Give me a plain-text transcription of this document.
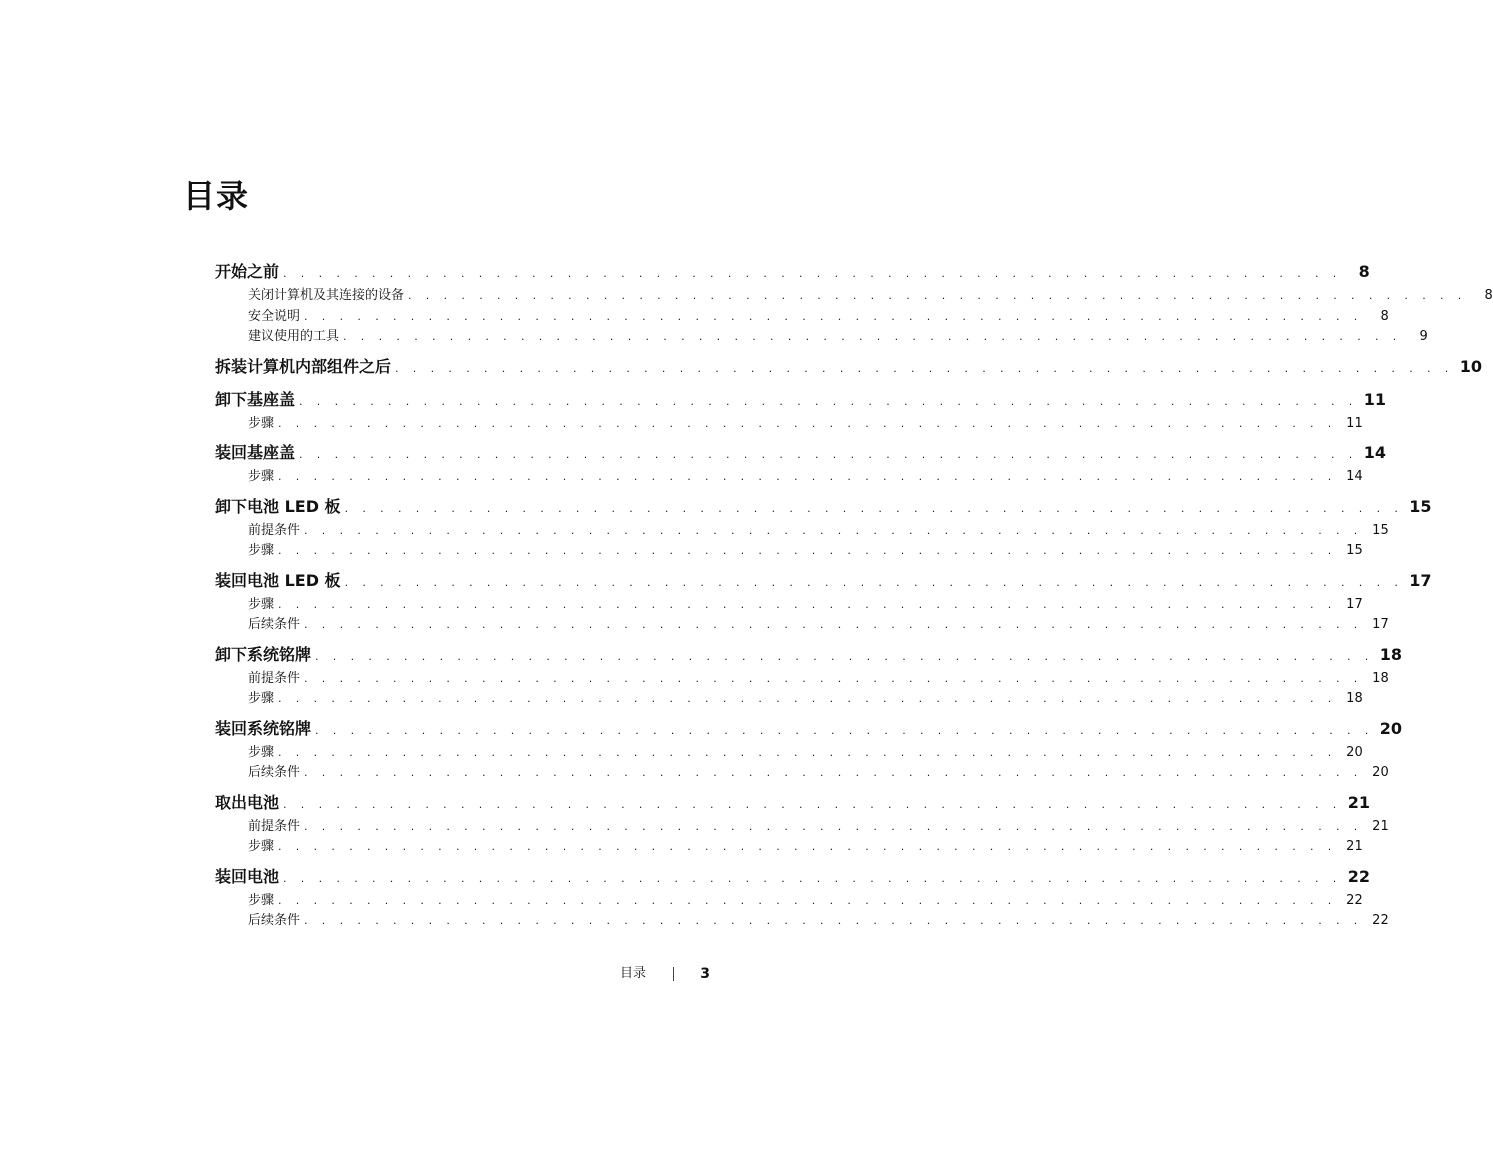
目录
开始之前 . . . . . . . . . . . . . . . . . . . . . . . . . . . . . . . . . . . . . . . . . . . . . . . . . . . . . . . . . . . .	8
关闭计算机及其连接的设备 . . . . . . . . . . . . . . . . . . . . . . . . . . . . . . . . . . . . . . . . . . . . . . . . . . . . . . . . . . . .	8
安全说明 . . . . . . . . . . . . . . . . . . . . . . . . . . . . . . . . . . . . . . . . . . . . . . . . . . . . . . . . . . . .	8
建议使用的工具 . . . . . . . . . . . . . . . . . . . . . . . . . . . . . . . . . . . . . . . . . . . . . . . . . . . . . . . . . . . .	9
拆装计算机内部组件之后 . . . . . . . . . . . . . . . . . . . . . . . . . . . . . . . . . . . . . . . . . . . . . . . . . . . . . . . . . . . . 10
卸下基座盖 . . . . . . . . . . . . . . . . . . . . . . . . . . . . . . . . . . . . . . . . . . . . . . . . . . . . . . . . . . . . 11
步骤 . . . . . . . . . . . . . . . . . . . . . . . . . . . . . . . . . . . . . . . . . . . . . . . . . . . . . . . . . . . . 11
装回基座盖 . . . . . . . . . . . . . . . . . . . . . . . . . . . . . . . . . . . . . . . . . . . . . . . . . . . . . . . . . . . . 14
步骤 . . . . . . . . . . . . . . . . . . . . . . . . . . . . . . . . . . . . . . . . . . . . . . . . . . . . . . . . . . . . 14
卸下电池 LED 板 . . . . . . . . . . . . . . . . . . . . . . . . . . . . . . . . . . . . . . . . . . . . . . . . . . . . . . . . . . . . 15
前提条件 . . . . . . . . . . . . . . . . . . . . . . . . . . . . . . . . . . . . . . . . . . . . . . . . . . . . . . . . . . . . 15
步骤 . . . . . . . . . . . . . . . . . . . . . . . . . . . . . . . . . . . . . . . . . . . . . . . . . . . . . . . . . . . . 15
装回电池 LED 板 . . . . . . . . . . . . . . . . . . . . . . . . . . . . . . . . . . . . . . . . . . . . . . . . . . . . . . . . . . . . 17
步骤 . . . . . . . . . . . . . . . . . . . . . . . . . . . . . . . . . . . . . . . . . . . . . . . . . . . . . . . . . . . . 17
后续条件 . . . . . . . . . . . . . . . . . . . . . . . . . . . . . . . . . . . . . . . . . . . . . . . . . . . . . . . . . . . . 17
卸下系统铭牌 . . . . . . . . . . . . . . . . . . . . . . . . . . . . . . . . . . . . . . . . . . . . . . . . . . . . . . . . . . . . 18
前提条件 . . . . . . . . . . . . . . . . . . . . . . . . . . . . . . . . . . . . . . . . . . . . . . . . . . . . . . . . . . . . 18
步骤 . . . . . . . . . . . . . . . . . . . . . . . . . . . . . . . . . . . . . . . . . . . . . . . . . . . . . . . . . . . . 18
装回系统铭牌 . . . . . . . . . . . . . . . . . . . . . . . . . . . . . . . . . . . . . . . . . . . . . . . . . . . . . . . . . . . . 20
步骤 . . . . . . . . . . . . . . . . . . . . . . . . . . . . . . . . . . . . . . . . . . . . . . . . . . . . . . . . . . . . 20
后续条件 . . . . . . . . . . . . . . . . . . . . . . . . . . . . . . . . . . . . . . . . . . . . . . . . . . . . . . . . . . . . 20
取出电池 . . . . . . . . . . . . . . . . . . . . . . . . . . . . . . . . . . . . . . . . . . . . . . . . . . . . . . . . . . . . 21
前提条件 . . . . . . . . . . . . . . . . . . . . . . . . . . . . . . . . . . . . . . . . . . . . . . . . . . . . . . . . . . . . 21
步骤 . . . . . . . . . . . . . . . . . . . . . . . . . . . . . . . . . . . . . . . . . . . . . . . . . . . . . . . . . . . . 21
装回电池 . . . . . . . . . . . . . . . . . . . . . . . . . . . . . . . . . . . . . . . . . . . . . . . . . . . . . . . . . . . . 22
步骤 . . . . . . . . . . . . . . . . . . . . . . . . . . . . . . . . . . . . . . . . . . . . . . . . . . . . . . . . . . . . 22
后续条件 . . . . . . . . . . . . . . . . . . . . . . . . . . . . . . . . . . . . . . . . . . . . . . . . . . . . . . . . . . . . 22
目录	3
